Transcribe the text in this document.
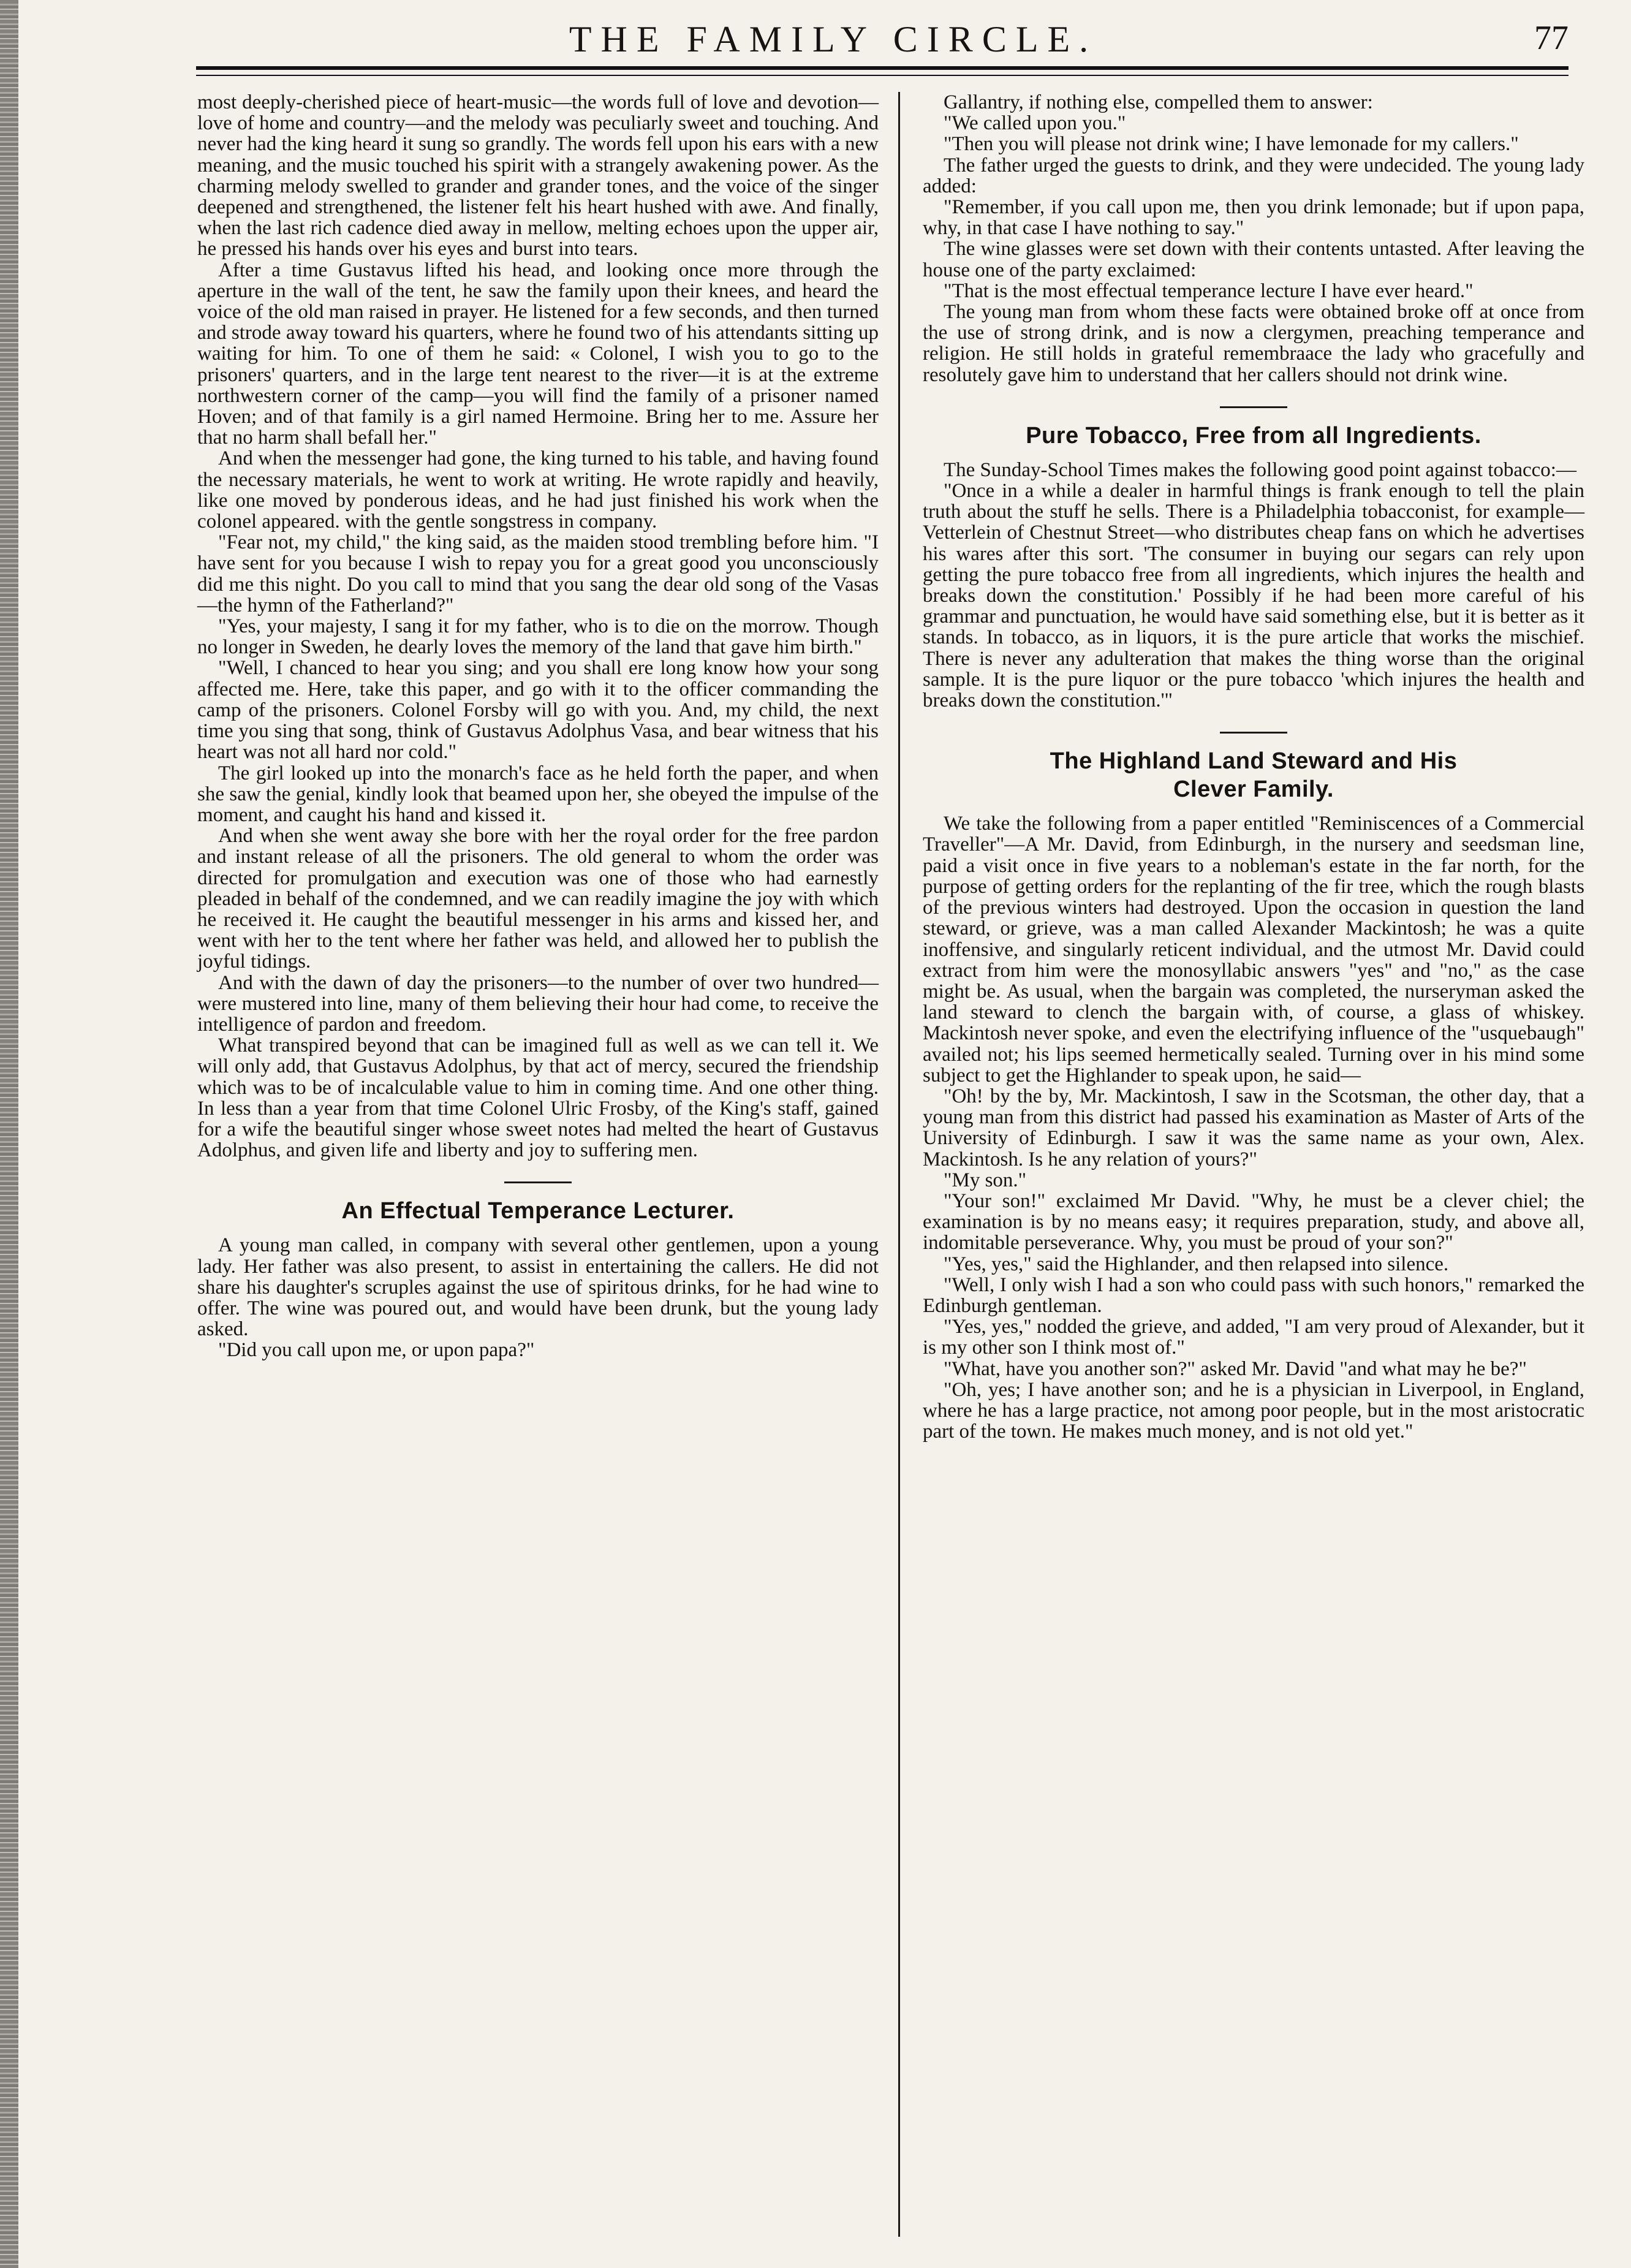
THE FAMILY CIRCLE.	77

most deeply-cherished piece of heart-music—the words full of love and devotion—love of home and country—and the melody was peculiarly sweet and touching. And never had the king heard it sung so grandly. The words fell upon his ears with a new meaning, and the music touched his spirit with a strangely awakening power. As the charming melody swelled to grander and grander tones, and the voice of the singer deepened and strengthened, the listener felt his heart hushed with awe. And finally, when the last rich cadence died away in mellow, melting echoes upon the upper air, he pressed his hands over his eyes and burst into tears.

After a time Gustavus lifted his head, and looking once more through the aperture in the wall of the tent, he saw the family upon their knees, and heard the voice of the old man raised in prayer. He listened for a few seconds, and then turned and strode away toward his quarters, where he found two of his attendants sitting up waiting for him. To one of them he said: « Colonel, I wish you to go to the prisoners' quarters, and in the large tent nearest to the river—it is at the extreme northwestern corner of the camp—you will find the family of a prisoner named Hoven; and of that family is a girl named Hermoine. Bring her to me. Assure her that no harm shall befall her."

And when the messenger had gone, the king turned to his table, and having found the necessary materials, he went to work at writing. He wrote rapidly and heavily, like one moved by ponderous ideas, and he had just finished his work when the colonel appeared. with the gentle songstress in company.

"Fear not, my child," the king said, as the maiden stood trembling before him. "I have sent for you because I wish to repay you for a great good you unconsciously did me this night. Do you call to mind that you sang the dear old song of the Vasas—the hymn of the Fatherland?"

"Yes, your majesty, I sang it for my father, who is to die on the morrow. Though no longer in Sweden, he dearly loves the memory of the land that gave him birth."

"Well, I chanced to hear you sing; and you shall ere long know how your song affected me. Here, take this paper, and go with it to the officer commanding the camp of the prisoners. Colonel Forsby will go with you. And, my child, the next time you sing that song, think of Gustavus Adolphus Vasa, and bear witness that his heart was not all hard nor cold."

The girl looked up into the monarch's face as he held forth the paper, and when she saw the genial, kindly look that beamed upon her, she obeyed the impulse of the moment, and caught his hand and kissed it.

And when she went away she bore with her the royal order for the free pardon and instant release of all the prisoners. The old general to whom the order was directed for promulgation and execution was one of those who had earnestly pleaded in behalf of the condemned, and we can readily imagine the joy with which he received it. He caught the beautiful messenger in his arms and kissed her, and went with her to the tent where her father was held, and allowed her to publish the joyful tidings.

And with the dawn of day the prisoners—to the number of over two hundred—were mustered into line, many of them believing their hour had come, to receive the intelligence of pardon and freedom.

What transpired beyond that can be imagined full as well as we can tell it. We will only add, that Gustavus Adolphus, by that act of mercy, secured the friendship which was to be of incalculable value to him in coming time. And one other thing. In less than a year from that time Colonel Ulric Frosby, of the King's staff, gained for a wife the beautiful singer whose sweet notes had melted the heart of Gustavus Adolphus, and given life and liberty and joy to suffering men.

An Effectual Temperance Lecturer.

A young man called, in company with several other gentlemen, upon a young lady. Her father was also present, to assist in entertaining the callers. He did not share his daughter's scruples against the use of spiritous drinks, for he had wine to offer. The wine was poured out, and would have been drunk, but the young lady asked.

"Did you call upon me, or upon papa?"

Gallantry, if nothing else, compelled them to answer:

"We called upon you."

"Then you will please not drink wine; I have lemonade for my callers."

The father urged the guests to drink, and they were undecided. The young lady added:

"Remember, if you call upon me, then you drink lemonade; but if upon papa, why, in that case I have nothing to say."

The wine glasses were set down with their contents untasted. After leaving the house one of the party exclaimed:

"That is the most effectual temperance lecture I have ever heard."

The young man from whom these facts were obtained broke off at once from the use of strong drink, and is now a clergymen, preaching temperance and religion. He still holds in grateful remembraace the lady who gracefully and resolutely gave him to understand that her callers should not drink wine.

Pure Tobacco, Free from all Ingredients.

The Sunday-School Times makes the following good point against tobacco:—

"Once in a while a dealer in harmful things is frank enough to tell the plain truth about the stuff he sells. There is a Philadelphia tobacconist, for example—Vetterlein of Chestnut Street—who distributes cheap fans on which he advertises his wares after this sort. 'The consumer in buying our segars can rely upon getting the pure tobacco free from all ingredients, which injures the health and breaks down the constitution.' Possibly if he had been more careful of his grammar and punctuation, he would have said something else, but it is better as it stands. In tobacco, as in liquors, it is the pure article that works the mischief. There is never any adulteration that makes the thing worse than the original sample. It is the pure liquor or the pure tobacco 'which injures the health and breaks down the constitution.'"

The Highland Land Steward and His
Clever Family.

We take the following from a paper entitled "Reminiscences of a Commercial Traveller"—A Mr. David, from Edinburgh, in the nursery and seedsman line, paid a visit once in five years to a nobleman's estate in the far north, for the purpose of getting orders for the replanting of the fir tree, which the rough blasts of the previous winters had destroyed. Upon the occasion in question the land steward, or grieve, was a man called Alexander Mackintosh; he was a quite inoffensive, and singularly reticent individual, and the utmost Mr. David could extract from him were the monosyllabic answers "yes" and "no," as the case might be. As usual, when the bargain was completed, the nurseryman asked the land steward to clench the bargain with, of course, a glass of whiskey. Mackintosh never spoke, and even the electrifying influence of the "usquebaugh" availed not; his lips seemed hermetically sealed. Turning over in his mind some subject to get the Highlander to speak upon, he said—

"Oh! by the by, Mr. Mackintosh, I saw in the Scotsman, the other day, that a young man from this district had passed his examination as Master of Arts of the University of Edinburgh. I saw it was the same name as your own, Alex. Mackintosh. Is he any relation of yours?"

"My son."

"Your son!" exclaimed Mr David. "Why, he must be a clever chiel; the examination is by no means easy; it requires preparation, study, and above all, indomitable perseverance. Why, you must be proud of your son?"

"Yes, yes," said the Highlander, and then relapsed into silence.

"Well, I only wish I had a son who could pass with such honors," remarked the Edinburgh gentleman.

"Yes, yes," nodded the grieve, and added, "I am very proud of Alexander, but it is my other son I think most of."

"What, have you another son?" asked Mr. David "and what may he be?"

"Oh, yes; I have another son; and he is a physician in Liverpool, in England, where he has a large practice, not among poor people, but in the most aristocratic part of the town. He makes much money, and is not old yet."
